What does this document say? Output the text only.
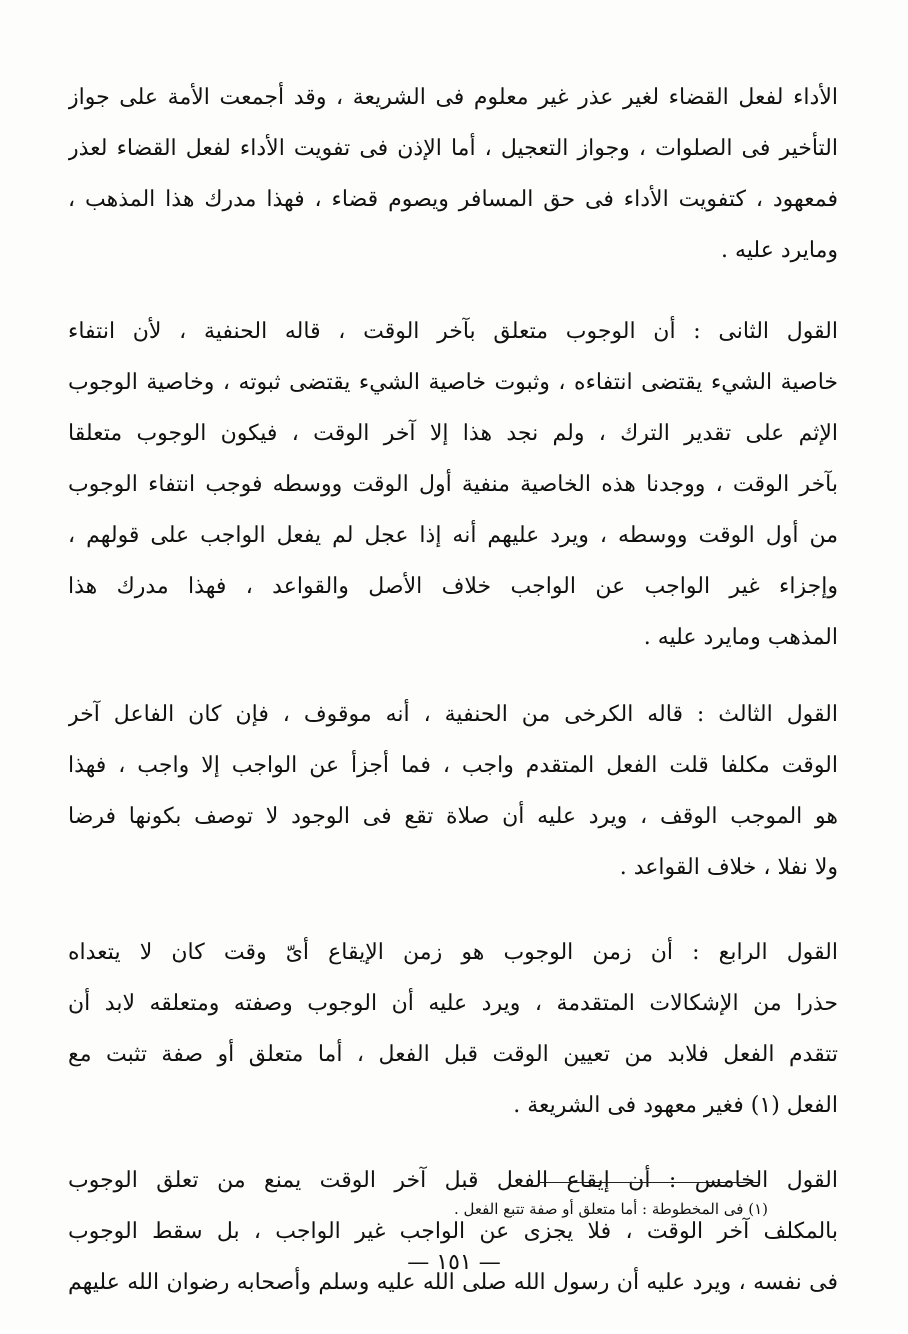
الأداء لفعل القضاء لغير عذر غير معلوم فى الشريعة ، وقد أجمعت الأمة على جواز
التأخير فى الصلوات ، وجواز التعجيل ، أما الإذن فى تفويت الأداء لفعل القضاء لعذر
فمعهود ، كتفويت الأداء فى حق المسافر ويصوم قضاء ، فهذا مدرك هذا المذهب ،
ومايرد عليه .
القول الثانى : أن الوجوب متعلق بآخر الوقت ، قاله الحنفية ، لأن انتفاء
خاصية الشيء يقتضى انتفاءه ، وثبوت خاصية الشيء يقتضى ثبوته ، وخاصية الوجوب
الإثم على تقدير الترك ، ولم نجد هذا إلا آخر الوقت ، فيكون الوجوب متعلقا
بآخر الوقت ، ووجدنا هذه الخاصية منفية أول الوقت ووسطه فوجب انتفاء الوجوب
من أول الوقت ووسطه ، ويرد عليهم أنه إذا عجل لم يفعل الواجب على قولهم ،
وإجزاء غير الواجب عن الواجب خلاف الأصل والقواعد ، فهذا مدرك هذا
المذهب ومايرد عليه .
القول الثالث : قاله الكرخى من الحنفية ، أنه موقوف ، فإن كان الفاعل آخر
الوقت مكلفا قلت الفعل المتقدم واجب ، فما أجزأ عن الواجب إلا واجب ، فهذا
هو الموجب الوقف ، ويرد عليه أن صلاة تقع فى الوجود لا توصف بكونها فرضا
ولا نفلا ، خلاف القواعد .
القول الرابع : أن زمن الوجوب هو زمن الإيقاع أىّ وقت كان لا يتعداه
حذرا من الإشكالات المتقدمة ، ويرد عليه أن الوجوب وصفته ومتعلقه لابد أن
تتقدم الفعل فلابد من تعيين الوقت قبل الفعل ، أما متعلق أو صفة تثبت مع
الفعل (١) فغير معهود فى الشريعة .
القول الخامس : أن إيقاع الفعل قبل آخر الوقت يمنع من تعلق الوجوب
بالمكلف آخر الوقت ، فلا يجزى عن الواجب غير الواجب ، بل سقط الوجوب
فى نفسه ، ويرد عليه أن رسول الله صلى الله عليه وسلم وأصحابه رضوان الله عليهم
(١) فى المخطوطة : أما متعلق أو صفة تتبع الفعل .
— ١٥١ —
